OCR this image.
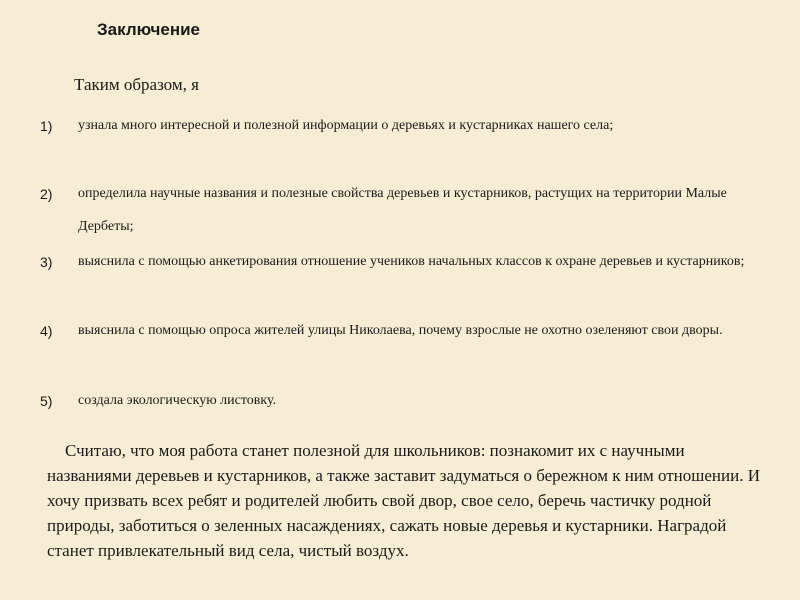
Заключение
Таким образом, я
1) узнала много интересной и полезной информации о деревьях и кустарниках нашего села;
2) определила научные названия и полезные свойства деревьев и кустарников, растущих на территории Малые Дербеты;
3) выяснила с помощью анкетирования отношение учеников начальных классов к охране деревьев и кустарников;
4) выяснила с помощью опроса жителей улицы Николаева, почему взрослые не охотно озеленяют свои дворы.
5) создала экологическую листовку.
Считаю, что моя работа станет полезной для школьников: познакомит их с научными названиями деревьев и кустарников, а также заставит задуматься о бережном к ним отношении. И хочу призвать всех ребят и родителей любить свой двор, свое село, беречь частичку родной природы, заботиться о зеленных насаждениях, сажать новые деревья и кустарники. Наградой станет привлекательный вид села, чистый воздух.
